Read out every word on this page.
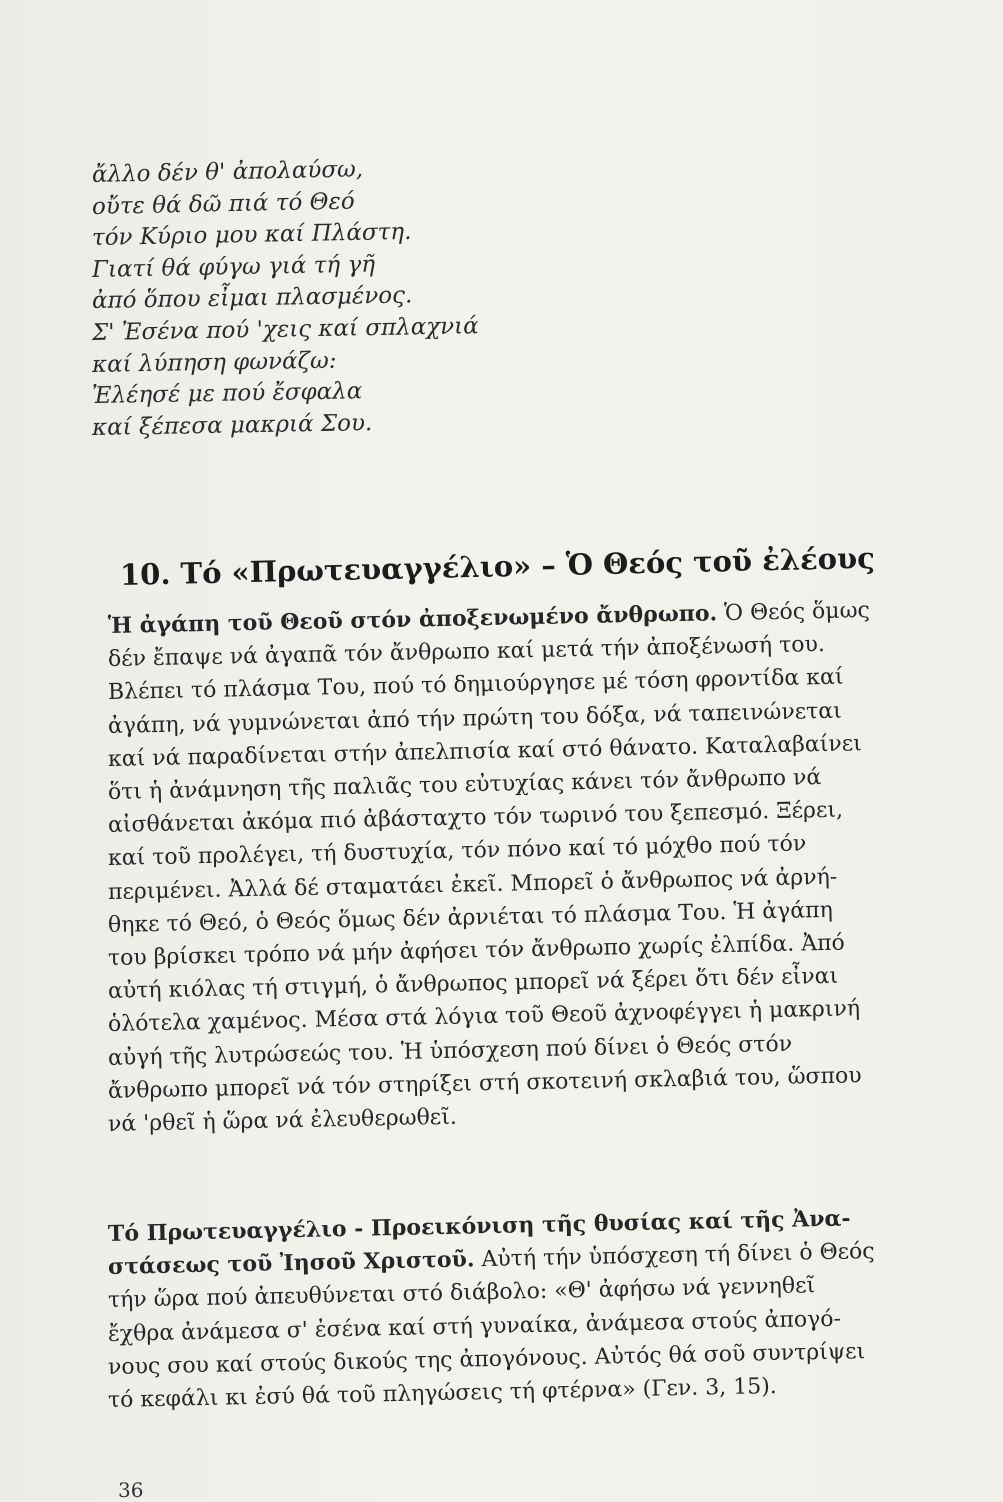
ἄλλο δέν θ' ἀπολαύσω,
οὔτε θά δῶ πιά τό Θεό
τόν Κύριο μου καί Πλάστη.
Γιατί θά φύγω γιά τή γῆ
ἀπό ὅπου εἶμαι πλασμένος.
Σ' Ἐσένα πού 'χεις καί σπλαχνιά
καί λύπηση φωνάζω:
Ἐλέησέ με πού ἔσφαλα
καί ξέπεσα μακριά Σου.
10. Τό «Πρωτευαγγέλιο» – Ὁ Θεός τοῦ ἐλέους
Ἡ ἀγάπη τοῦ Θεοῦ στόν ἀποξενωμένο ἄνθρωπο. Ὁ Θεός ὅμως
δέν ἔπαψε νά ἀγαπᾶ τόν ἄνθρωπο καί μετά τήν ἀποξένωσή του.
Βλέπει τό πλάσμα Του, πού τό δημιούργησε μέ τόση φροντίδα καί
ἀγάπη, νά γυμνώνεται ἀπό τήν πρώτη του δόξα, νά ταπεινώνεται
καί νά παραδίνεται στήν ἀπελπισία καί στό θάνατο. Καταλαβαίνει
ὅτι ἡ ἀνάμνηση τῆς παλιᾶς του εὐτυχίας κάνει τόν ἄνθρωπο νά
αἰσθάνεται ἀκόμα πιό ἀβάσταχτο τόν τωρινό του ξεπεσμό. Ξέρει,
καί τοῦ προλέγει, τή δυστυχία, τόν πόνο καί τό μόχθο πού τόν
περιμένει. Ἀλλά δέ σταματάει ἐκεῖ. Μπορεῖ ὁ ἄνθρωπος νά ἀρνή-
θηκε τό Θεό, ὁ Θεός ὅμως δέν ἀρνιέται τό πλάσμα Του. Ἡ ἀγάπη
του βρίσκει τρόπο νά μήν ἀφήσει τόν ἄνθρωπο χωρίς ἐλπίδα. Ἀπό
αὐτή κιόλας τή στιγμή, ὁ ἄνθρωπος μπορεῖ νά ξέρει ὅτι δέν εἶναι
ὁλότελα χαμένος. Μέσα στά λόγια τοῦ Θεοῦ ἀχνοφέγγει ἡ μακρινή
αὐγή τῆς λυτρώσεώς του. Ἡ ὑπόσχεση πού δίνει ὁ Θεός στόν
ἄνθρωπο μπορεῖ νά τόν στηρίξει στή σκοτεινή σκλαβιά του, ὥσπου
νά 'ρθεῖ ἡ ὥρα νά ἐλευθερωθεῖ.
Τό Πρωτευαγγέλιο - Προεικόνιση τῆς θυσίας καί τῆς Ἀνα-
στάσεως τοῦ Ἰησοῦ Χριστοῦ. Αὐτή τήν ὑπόσχεση τή δίνει ὁ Θεός
τήν ὥρα πού ἀπευθύνεται στό διάβολο: «Θ' ἀφήσω νά γεννηθεῖ
ἔχθρα ἀνάμεσα σ' ἐσένα καί στή γυναίκα, ἀνάμεσα στούς ἀπογό-
νους σου καί στούς δικούς της ἀπογόνους. Αὐτός θά σοῦ συντρίψει
τό κεφάλι κι ἐσύ θά τοῦ πληγώσεις τή φτέρνα» (Γεν. 3, 15).
36
